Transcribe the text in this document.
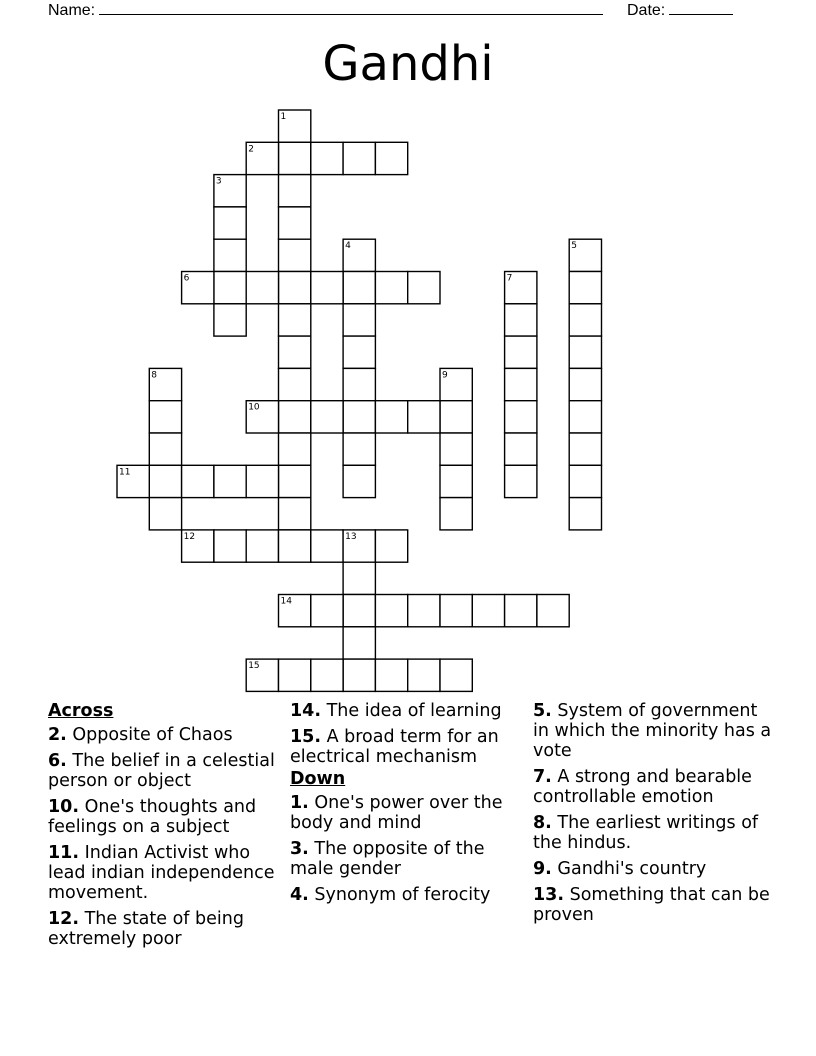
Name:	Date:
Gandhi
1
2
3
4	5
6	7
8	9
10
11
12	13
14
15
Across
2. Opposite of Chaos
6. The belief in a celestial person or object
10. One's thoughts and feelings on a subject
11. Indian Activist who lead indian independence movement.
12. The state of being extremely poor
14. The idea of learning
15. A broad term for an electrical mechanism
Down
1. One's power over the body and mind
3. The opposite of the male gender
4. Synonym of ferocity
5. System of government in which the minority has a vote
7. A strong and bearable controllable emotion
8. The earliest writings of the hindus.
9. Gandhi's country
13. Something that can be proven
